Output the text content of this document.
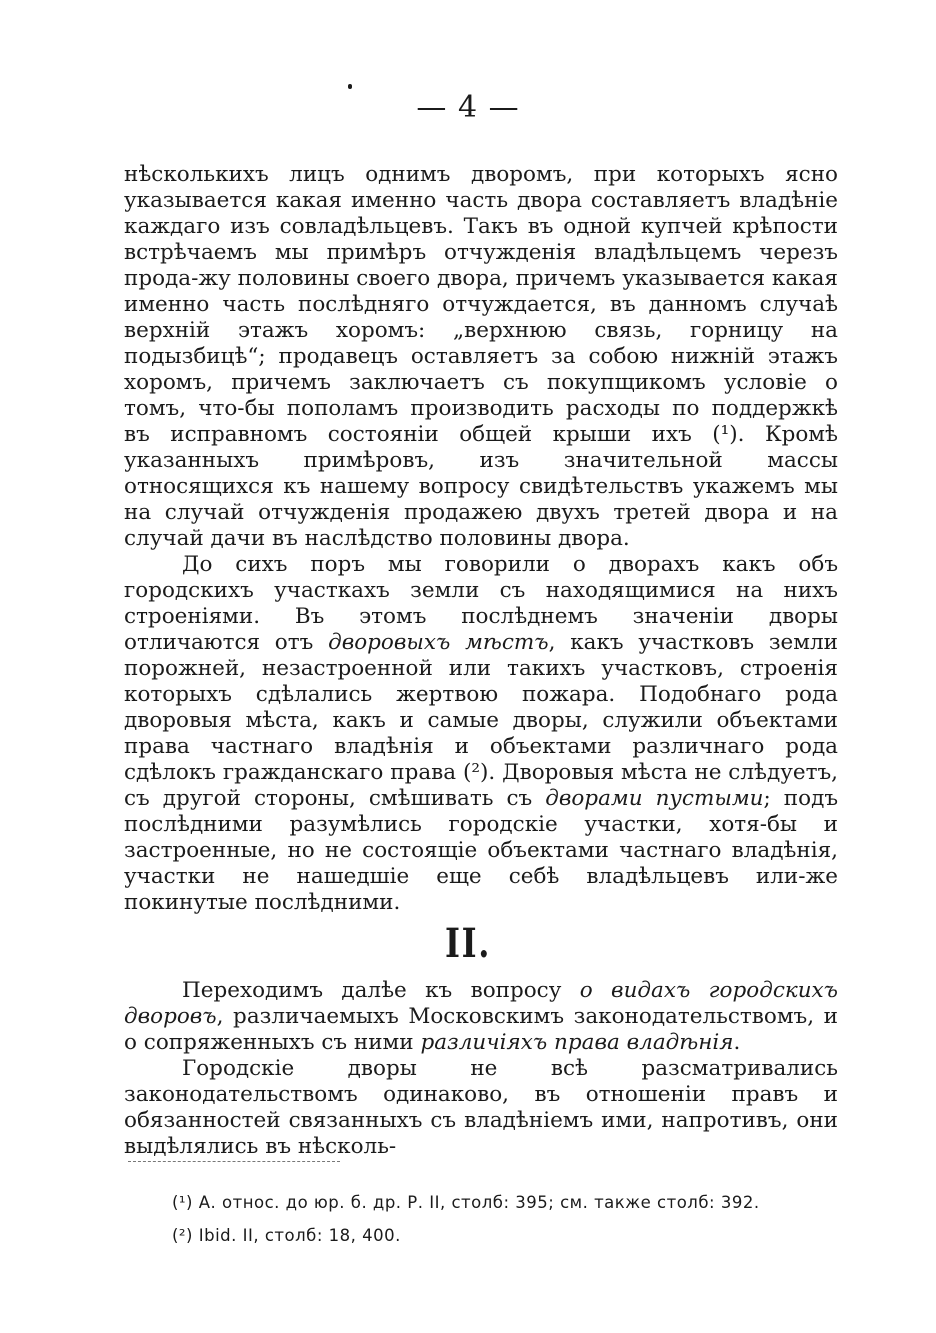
— 4 —

нѣсколькихъ лицъ однимъ дворомъ, при которыхъ ясно указывается какая именно часть двора составляетъ владѣніе каждаго изъ совладѣльцевъ. Такъ въ одной купчей крѣпости встрѣчаемъ мы примѣръ отчужденія владѣльцемъ черезъ прода-жу половины своего двора, причемъ указывается какая именно часть послѣдняго отчуждается, въ данномъ случаѣ верхній этажъ хоромъ: „верхнюю связь, горницу на подызбицѣ“; продавецъ оставляетъ за собою нижній этажъ хоромъ, причемъ заключаетъ съ покупщикомъ условіе о томъ, что-бы пополамъ производить расходы по поддержкѣ въ исправномъ состояніи общей крыши ихъ (¹). Кромѣ указанныхъ примѣровъ, изъ значительной массы относящихся къ нашему вопросу свидѣтельствъ укажемъ мы на случай отчужденія продажею двухъ третей двора и на случай дачи въ наслѣдство половины двора.

До сихъ поръ мы говорили о дворахъ какъ объ городскихъ участкахъ земли съ находящимися на нихъ строеніями. Въ этомъ послѣднемъ значеніи дворы отличаются отъ дворовыхъ мѣстъ, какъ участковъ земли порожней, незастроенной или такихъ участковъ, строенія которыхъ сдѣлались жертвою пожара. Подобнаго рода дворовыя мѣста, какъ и самые дворы, служили объектами права частнаго владѣнія и объектами различнаго рода сдѣлокъ гражданскаго права (²). Дворовыя мѣста не слѣдуетъ, съ другой стороны, смѣшивать съ дворами пустыми; подъ послѣдними разумѣлись городскіе участки, хотя-бы и застроенные, но не состоящіе объектами частнаго владѣнія, участки не нашедшіе еще себѣ владѣльцевъ или-же покинутые послѣдними.

II.

Переходимъ далѣе къ вопросу о видахъ городскихъ дворовъ, различаемыхъ Московскимъ законодательствомъ, и о сопряженныхъ съ ними различіяхъ права владѣнія.

Городскіе дворы не всѣ разсматривались законодательствомъ одинаково, въ отношеніи правъ и обязанностей связанныхъ съ владѣніемъ ими, напротивъ, они выдѣлялись въ нѣсколь-

(¹) А. относ. до юр. б. др. Р. II, столб: 395; см. также столб: 392.
(²) Ibid. II, столб: 18, 400.
